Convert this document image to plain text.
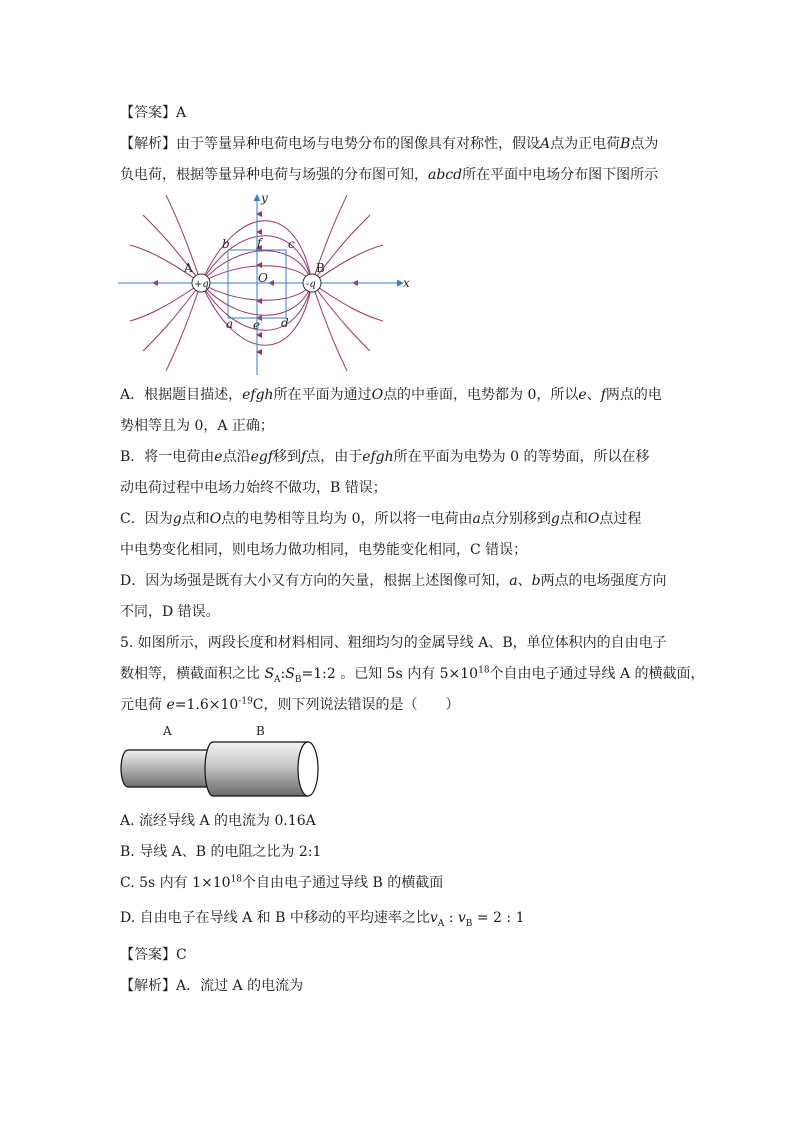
【答案】A
【解析】由于等量异种电荷电场与电势分布的图像具有对称性，假设A点为正电荷B点为
负电荷，根据等量异种电荷与场强的分布图可知，abcd所在平面中电场分布图下图所示
+q	-q
A	B
O
y
x
a
b	c
d
e
f
A．根据题目描述，efgh所在平面为通过O点的中垂面，电势都为 0，所以e、f两点的电
势相等且为 0，A 正确；
B．将一电荷由e点沿egf移到f点，由于efgh所在平面为电势为 0 的等势面，所以在移
动电荷过程中电场力始终不做功，B 错误；
C．因为g点和O点的电势相等且均为 0，所以将一电荷由a点分别移到g点和O点过程
中电势变化相同，则电场力做功相同，电势能变化相同，C 错误；
D．因为场强是既有大小又有方向的矢量，根据上述图像可知，a、b两点的电场强度方向
不同，D 错误。
5. 如图所示，两段长度和材料相同、粗细均匀的金属导线 A、B，单位体积内的自由电子
数相等，横截面积之比 $S_A:S_B=1:2$ 。已知 5s 内有 $5\times 10^{18}$个自由电子通过导线 A 的横截面，
元电荷 $e=1.6\times 10^{-19}C$，则下列说法错误的是（　　）
A	B
A. 流经导线 A 的电流为 0.16A
B. 导线 A、B 的电阻之比为 2:1
C. 5s 内有 $1\times 10^{18}$个自由电子通过导线 B 的横截面
D. 自由电子在导线 A 和 B 中移动的平均速率之比$v_A$ : $v_B = 2$ : 1
【答案】C
【解析】A．流过 A 的电流为
